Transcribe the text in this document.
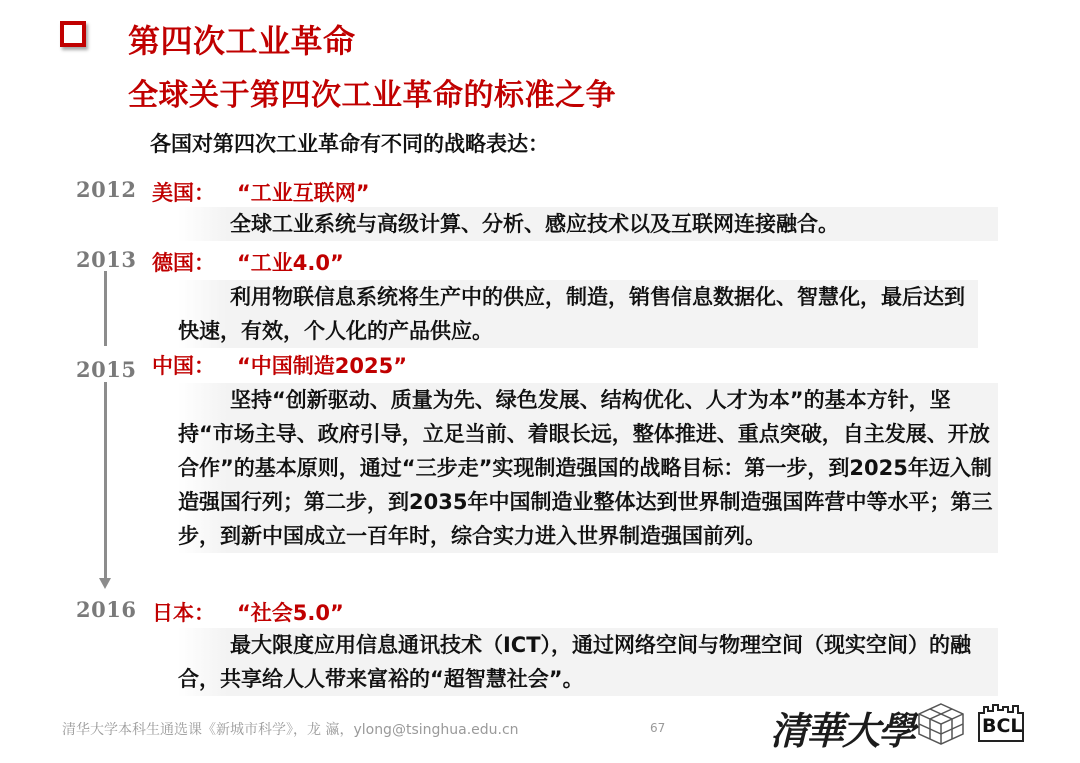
第四次工业革命
全球关于第四次工业革命的标准之争
各国对第四次工业革命有不同的战略表达：
2012 美国： “工业互联网”
全球工业系统与高级计算、分析、感应技术以及互联网连接融合。
2013 德国： “工业4.0”
利用物联信息系统将生产中的供应，制造，销售信息数据化、智慧化，最后达到快速，有效，个人化的产品供应。
2015 中国： “中国制造2025”
坚持“创新驱动、质量为先、绿色发展、结构优化、人才为本”的基本方针，坚持“市场主导、政府引导，立足当前、着眼长远，整体推进、重点突破，自主发展、开放合作”的基本原则，通过“三步走”实现制造强国的战略目标：第一步，到2025年迈入制造强国行列；第二步，到2035年中国制造业整体达到世界制造强国阵营中等水平；第三步，到新中国成立一百年时，综合实力进入世界制造强国前列。
2016 日本： “社会5.0”
最大限度应用信息通讯技术（ICT），通过网络空间与物理空间（现实空间）的融合，共享给人人带来富裕的“超智慧社会”。
清华大学本科生通选课《新城市科学》，龙 瀛，ylong@tsinghua.edu.cn	67	清華大學	BCL
